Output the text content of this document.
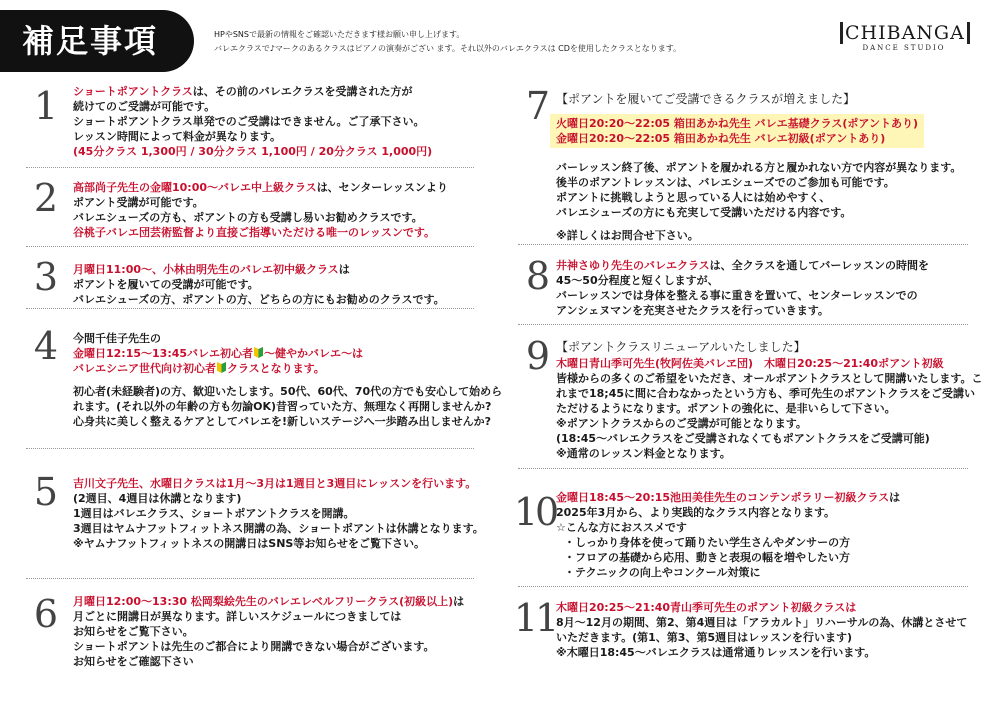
補足事項	HPやSNSで最新の情報をご確認いただきます様お願い申し上げます。

バレエクラスで♪マークのあるクラスはピアノの演奏がござい ます。それ以外のバレエクラスは CDを使用したクラスとなります。

CHIBANGA
DANCE STUDIO
1	ショートポアントクラスは、その前のバレエクラスを受講された方が

続けてのご受講が可能です。

ショートポアントクラス単発でのご受講はできません。ご了承下さい。

レッスン時間によって料金が異なります。

(45分クラス 1,300円 / 30分クラス 1,100円 / 20分クラス 1,000円)

2	高部尚子先生の金曜10:00～バレエ中上級クラスは、センターレッスンより

ポアント受講が可能です。

バレエシューズの方も、ポアントの方も受講し易いお勧めクラスです。

谷桃子バレエ団芸術監督より直接ご指導いただける唯一のレッスンです。

3	月曜日11:00～、小林由明先生のバレエ初中級クラスは

ポアントを履いての受講が可能です。

バレエシューズの方、ポアントの方、どちらの方にもお勧めのクラスです。

4	今間千佳子先生の

金曜日12:15～13:45バレエ初心者 ～健やかバレエ～は

バレエシニア世代向け初心者 クラスとなります。

初心者(未経験者)の方、歓迎いたします。50代、60代、70代の方でも安心して始めら

れます。(それ以外の年齢の方も勿論OK)昔習っていた方、無理なく再開しませんか?

心身共に美しく整えるケアとしてバレエを!新しいステージへ一歩踏み出しませんか?

5	吉川文子先生、水曜日クラスは1月～3月は1週目と3週目にレッスンを行います。

(2週目、4週目は休講となります)

1週目はバレエクラス、ショートポアントクラスを開講。

3週目はヤムナフットフィットネス開講の為、ショートポアントは休講となります。

※ヤムナフットフィットネスの開講日はSNS等お知らせをご覧下さい。

6	月曜日12:00～13:30 松岡梨絵先生のバレエレベルフリークラス(初級以上)は

月ごとに開講日が異なります。詳しいスケジュールにつきましては

お知らせをご覧下さい。

ショートポアントは先生のご都合により開講できない場合がございます。

お知らせをご確認下さい

7 【ポアントを履いてご受講できるクラスが増えました】

火曜日20:20～22:05 箱田あかね先生 バレエ基礎クラス(ポアントあり)

金曜日20:20～22:05 箱田あかね先生 バレエ初級(ポアントあり)

バーレッスン終了後、ポアントを履かれる方と履かれない方で内容が異なります。

後半のポアントレッスンは、バレエシューズでのご参加も可能です。

ポアントに挑戦しようと思っている人には始めやすく、

バレエシューズの方にも充実して受講いただける内容です。

※詳しくはお問合せ下さい。

8 井神さゆり先生のバレエクラスは、全クラスを通してバーレッスンの時間を

45～50分程度と短くしますが、

バーレッスンでは身体を整える事に重きを置いて、センターレッスンでの

アンシェヌマンを充実させたクラスを行っていきます。

9 【ポアントクラスリニューアルいたしました】

木曜日青山季可先生(牧阿佐美バレヱ団)　木曜日20:25～21:40ポアント初級

皆様からの多くのご希望をいただき、オールポアントクラスとして開講いたします。こ

れまで18;45に間に合わなかったという方も、季可先生のポアントクラスをご受講い

ただけるようになります。ポアントの強化に、是非いらして下さい。

※ポアントクラスからのご受講が可能となります。

(18:45～バレエクラスをご受講されなくてもポアントクラスをご受講可能)

※通常のレッスン料金となります。

10 金曜日18:45～20:15池田美佳先生のコンテンポラリー初級クラスは

2025年3月から、より実践的なクラス内容となります。

☆こんな方におススメです

・しっかり身体を使って踊りたい学生さんやダンサーの方

・フロアの基礎から応用、動きと表現の幅を増やしたい方

・テクニックの向上やコンクール対策に

11 木曜日20:25～21:40青山季可先生のポアント初級クラスは

8月～12月の期間、第2、第4週目は「アラカルト」リハーサルの為、休講とさせて

いただきます。(第1、第3、第5週目はレッスンを行います)

※木曜日18:45～バレエクラスは通常通りレッスンを行います。
